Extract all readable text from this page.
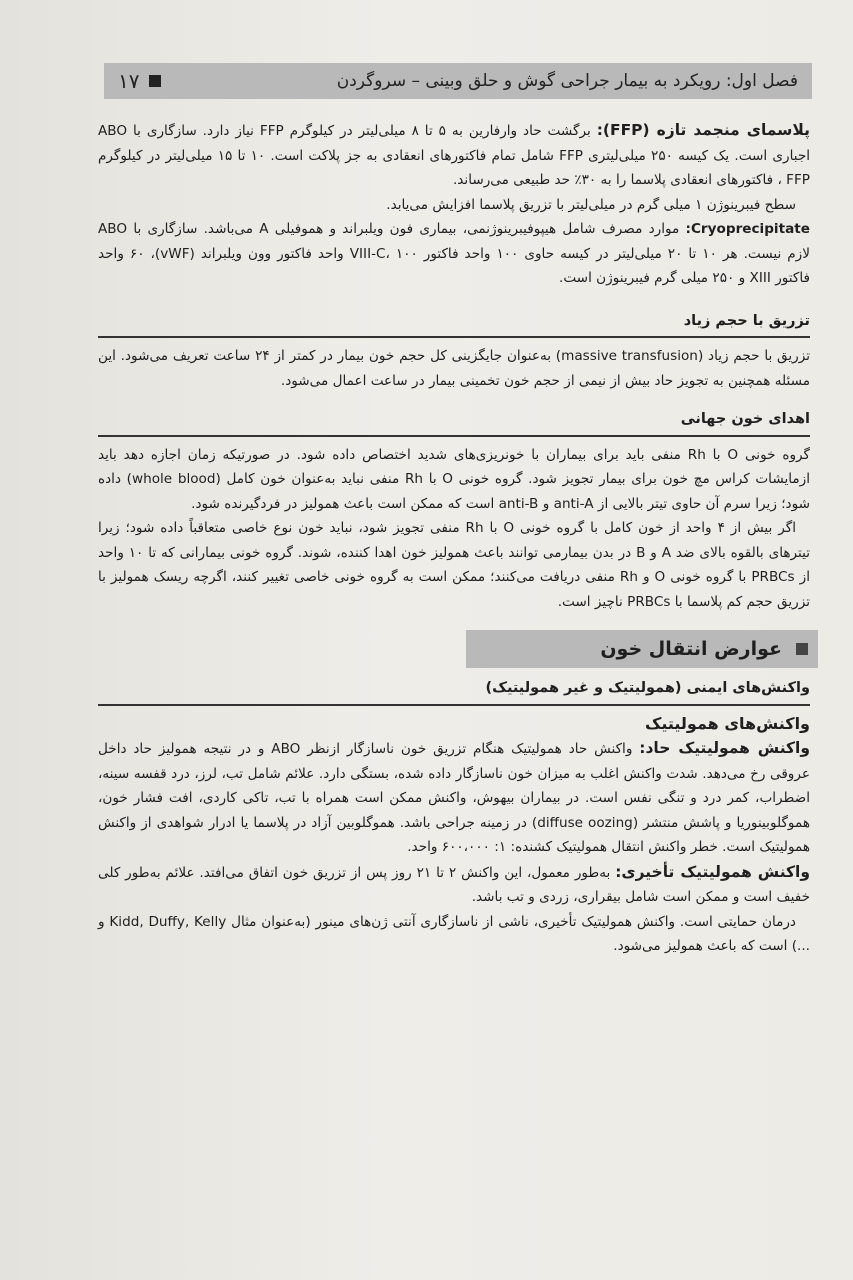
فصل اول: رویکرد به بیمار جراحی گوش و حلق وبینی – سروگردن
۱۷

پلاسمای منجمد تازه (FFP): برگشت حاد وارفارین به ۵ تا ۸ میلی‌لیتر در کیلوگرم FFP نیاز دارد. سازگاری با ABO اجباری است. یک کیسه ۲۵۰ میلی‌لیتری FFP شامل تمام فاکتورهای انعقادی به جز پلاکت است. ۱۰ تا ۱۵ میلی‌لیتر در کیلوگرم FFP ، فاکتورهای انعقادی پلاسما را به ۳۰٪ حد طبیعی می‌رساند.

سطح فیبرینوژن ۱ میلی گرم در میلی‌لیتر با تزریق پلاسما افزایش می‌یابد.

Cryoprecipitate: موارد مصرف شامل هیپوفیبرینوژنمی، بیماری فون ویلبراند و هموفیلی A می‌باشد. سازگاری با ABO لازم نیست. هر ۱۰ تا ۲۰ میلی‌لیتر در کیسه حاوی ۱۰۰ واحد فاکتور VIII-C، ۱۰۰ واحد فاکتور وون ویلبراند (vWF)، ۶۰ واحد فاکتور XIII و ۲۵۰ میلی گرم فیبرینوژن است.

تزریق با حجم زیاد

تزریق با حجم زیاد (massive transfusion) به‌عنوان جایگزینی کل حجم خون بیمار در کمتر از ۲۴ ساعت تعریف می‌شود. این مسئله همچنین به تجویز حاد بیش از نیمی از حجم خون تخمینی بیمار در ساعت اعمال می‌شود.

اهدای خون جهانی

گروه خونی O با Rh منفی باید برای بیماران با خونریزی‌های شدید اختصاص داده شود. در صورتیکه زمان اجازه دهد باید ازمایشات کراس مچ خون برای بیمار تجویز شود. گروه خونی O با Rh منفی نباید به‌عنوان خون کامل (whole blood) داده شود؛ زیرا سرم آن حاوی تیتر بالایی از anti-A و anti-B است که ممکن است باعث همولیز در فردگیرنده شود.

اگر بیش از ۴ واحد از خون کامل با گروه خونی O با Rh منفی تجویز شود، نباید خون نوع خاصی متعاقباً داده شود؛ زیرا تیترهای بالقوه بالای ضد A و B در بدن بیمارمی توانند باعث همولیز خون اهدا کننده، شوند. گروه خونی بیمارانی که تا ۱۰ واحد از PRBCs با گروه خونی O و Rh منفی دریافت می‌کنند؛ ممکن است به گروه خونی خاصی تغییر کنند، اگرچه ریسک همولیز با تزریق حجم کم پلاسما با PRBCs ناچیز است.

عوارض انتقال خون
واکنش‌های ایمنی (همولیتیک و غیر همولیتیک)
واکنش‌های همولیتیک

واکنش همولیتیک حاد: واکنش حاد همولیتیک هنگام تزریق خون ناسازگار ازنظر ABO و در نتیجه همولیز حاد داخل عروقی رخ می‌دهد. شدت واکنش اغلب به میزان خون ناسازگار داده شده، بستگی دارد. علائم شامل تب، لرز، درد قفسه سینه، اضطراب، کمر درد و تنگی نفس است. در بیماران بیهوش، واکنش ممکن است همراه با تب، تاکی کاردی، افت فشار خون، هموگلوبینوریا و پاشش منتشر (diffuse oozing) در زمینه جراحی باشد. هموگلوبین آزاد در پلاسما یا ادرار شواهدی از واکنش همولیتیک است. خطر واکنش انتقال همولیتیک کشنده: ۱: ۶۰۰،۰۰۰ واحد.

واکنش همولیتیک تأخیری: به‌طور معمول، این واکنش ۲ تا ۲۱ روز پس از تزریق خون اتفاق می‌افتد. علائم به‌طور کلی خفیف است و ممکن است شامل بیقراری، زردی و تب باشد.

درمان حمایتی است. واکنش همولیتیک تأخیری، ناشی از ناسازگاری آنتی ژن‌های مینور (به‌عنوان مثال Kidd, Duffy, Kelly و ...) است که باعث همولیز می‌شود.
